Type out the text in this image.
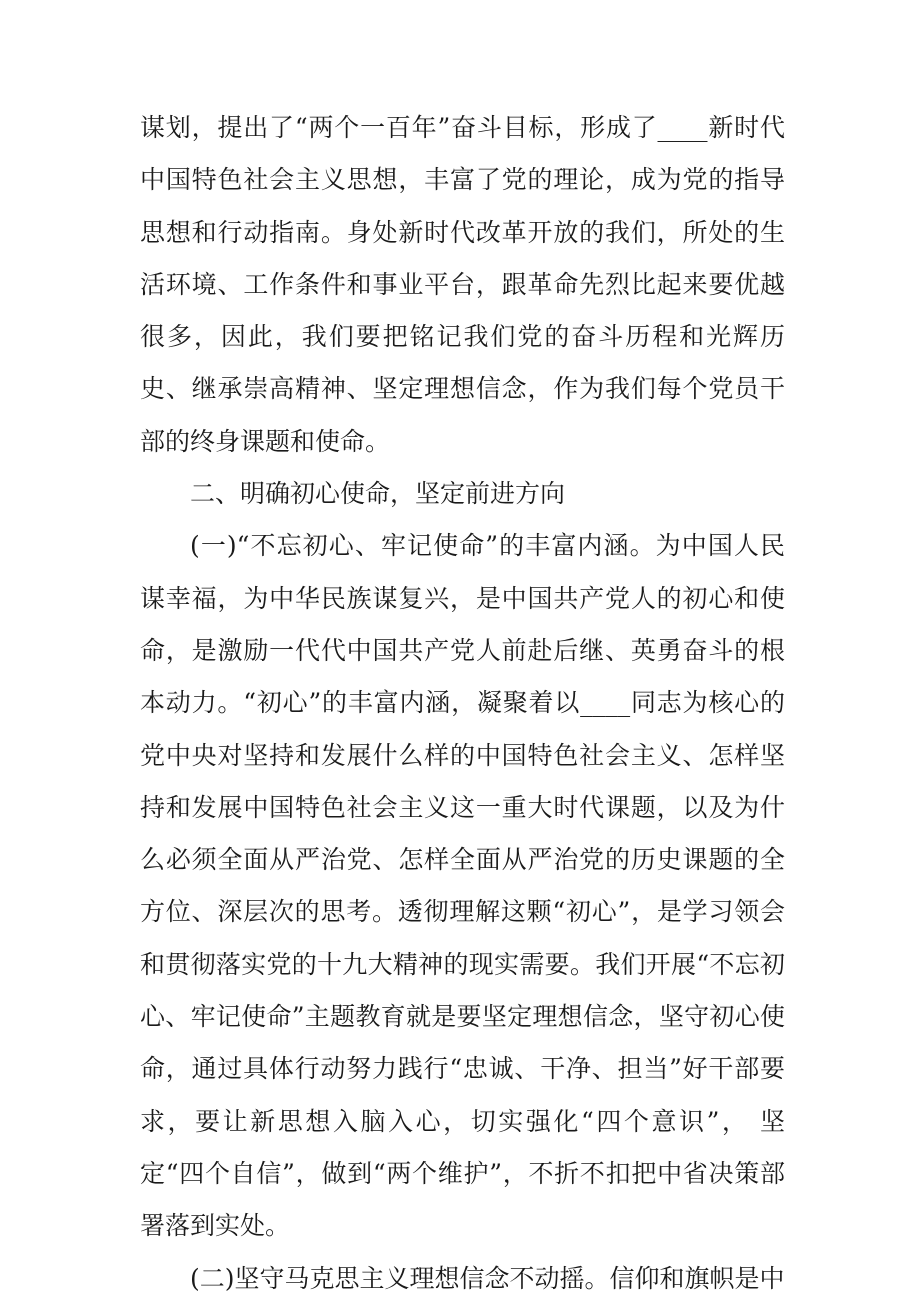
谋划，提出了“两个一百年”奋斗目标，形成了____新时代中国特色社会主义思想，丰富了党的理论，成为党的指导思想和行动指南。身处新时代改革开放的我们，所处的生活环境、工作条件和事业平台，跟革命先烈比起来要优越很多，因此，我们要把铭记我们党的奋斗历程和光辉历史、继承崇高精神、坚定理想信念，作为我们每个党员干部的终身课题和使命。

二、明确初心使命，坚定前进方向

(一)“不忘初心、牢记使命”的丰富内涵。为中国人民谋幸福，为中华民族谋复兴，是中国共产党人的初心和使命，是激励一代代中国共产党人前赴后继、英勇奋斗的根本动力。“初心”的丰富内涵，凝聚着以____同志为核心的党中央对坚持和发展什么样的中国特色社会主义、怎样坚持和发展中国特色社会主义这一重大时代课题，以及为什么必须全面从严治党、怎样全面从严治党的历史课题的全方位、深层次的思考。透彻理解这颗“初心”，是学习领会和贯彻落实党的十九大精神的现实需要。我们开展“不忘初心、牢记使命”主题教育就是要坚定理想信念，坚守初心使命，通过具体行动努力践行“忠诚、干净、担当”好干部要求，要让新思想入脑入心，切实强化“四个意识”， 坚定“四个自信”，做到“两个维护”，不折不扣把中省决策部署落到实处。

(二)坚守马克思主义理想信念不动摇。信仰和旗帜是中
